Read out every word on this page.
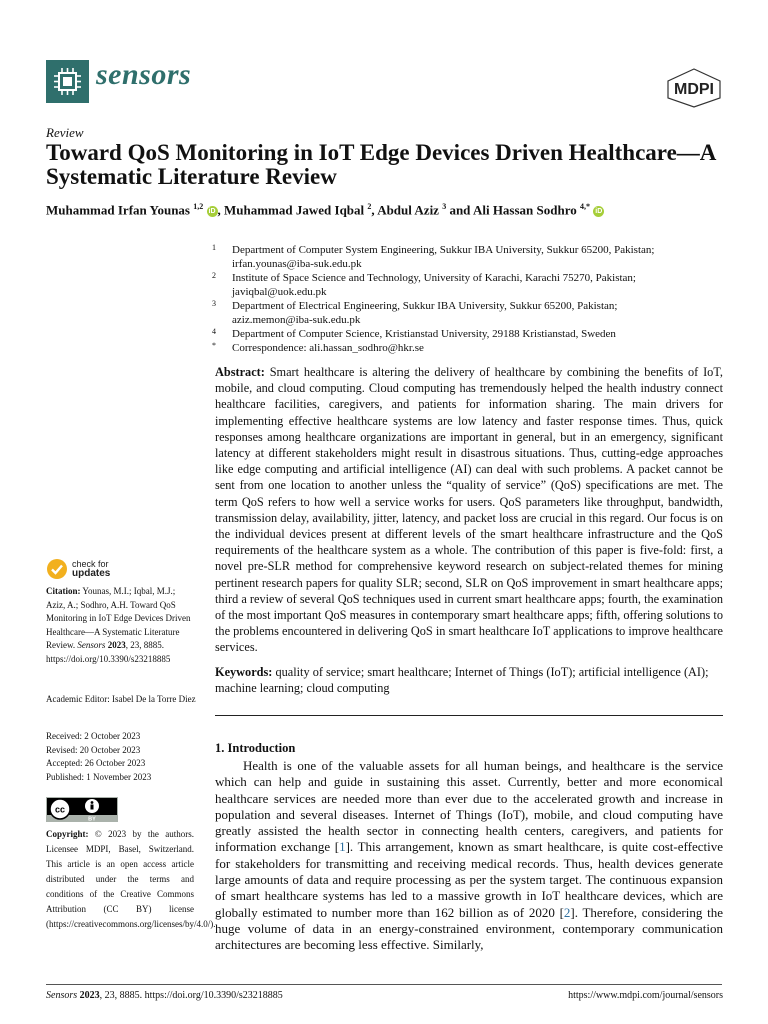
sensors	MDPI
Review
Toward QoS Monitoring in IoT Edge Devices Driven Healthcare—A Systematic Literature Review
Muhammad Irfan Younas $^{1,2}$ iD , Muhammad Jawed Iqbal $^2$, Abdul Aziz $^3$ and Ali Hassan Sodhro $^{4,*}$ iD
1 Department of Computer System Engineering, Sukkur IBA University, Sukkur 65200, Pakistan;
irfan.younas@iba-suk.edu.pk
2 Institute of Space Science and Technology, University of Karachi, Karachi 75270, Pakistan;
javiqbal@uok.edu.pk
3 Department of Electrical Engineering, Sukkur IBA University, Sukkur 65200, Pakistan;
aziz.memon@iba-suk.edu.pk
4 Department of Computer Science, Kristianstad University, 29188 Kristianstad, Sweden
* Correspondence: ali.hassan_sodhro@hkr.se
Abstract: Smart healthcare is altering the delivery of healthcare by combining the benefits of IoT, mobile, and cloud computing. Cloud computing has tremendously helped the health industry connect healthcare facilities, caregivers, and patients for information sharing. The main drivers for implementing effective healthcare systems are low latency and faster response times. Thus, quick responses among healthcare organizations are important in general, but in an emergency, significant latency at different stakeholders might result in disastrous situations. Thus, cutting-edge approaches like edge computing and artificial intelligence (AI) can deal with such problems. A packet cannot be sent from one location to another unless the “quality of service” (QoS) specifications are met. The term QoS refers to how well a service works for users. QoS parameters like throughput, bandwidth, transmission delay, availability, jitter, latency, and packet loss are crucial in this regard. Our focus is on the individual devices present at different levels of the smart healthcare infrastructure and the QoS requirements of the healthcare system as a whole. The contribution of this paper is five-fold: first, a novel pre-SLR method for comprehensive keyword research on subject-related themes for mining pertinent research papers for quality SLR; second, SLR on QoS improvement in smart healthcare apps; third a review of several QoS techniques used in current smart healthcare apps; fourth, the examination of the most important QoS measures in contemporary smart healthcare apps; fifth, offering solutions to the problems encountered in delivering QoS in smart healthcare IoT applications to improve healthcare services.
Keywords: quality of service; smart healthcare; Internet of Things (IoT); artificial intelligence (AI); machine learning; cloud computing
1. Introduction
Health is one of the valuable assets for all human beings, and healthcare is the service which can help and guide in sustaining this asset. Currently, better and more economical healthcare services are needed more than ever due to the accelerated growth and increase in population and several diseases. Internet of Things (IoT), mobile, and cloud computing have greatly assisted the health sector in connecting health centers, caregivers, and patients for information exchange [1]. This arrangement, known as smart healthcare, is quite cost-effective for stakeholders for transmitting and receiving medical records. Thus, health devices generate large amounts of data and require processing as per the system target. The continuous expansion of smart healthcare systems has led to a massive growth in IoT healthcare devices, which are globally estimated to number more than 162 billion as of 2020 [2]. Therefore, considering the huge volume of data in an energy-constrained environment, contemporary communication architectures are becoming less effective. Similarly,
check for
updates
Citation: Younas, M.I.; Iqbal, M.J.; Aziz, A.; Sodhro, A.H. Toward QoS Monitoring in IoT Edge Devices Driven Healthcare—A Systematic Literature Review. Sensors 2023, 23, 8885. https://doi.org/10.3390/s23218885
Academic Editor: Isabel De la Torre Diez
Received: 2 October 2023
Revised: 20 October 2023
Accepted: 26 October 2023
Published: 1 November 2023
cc
BY
Copyright: © 2023 by the authors. Licensee MDPI, Basel, Switzerland. This article is an open access article distributed under the terms and conditions of the Creative Commons Attribution (CC BY) license (https://creativecommons.org/licenses/by/4.0/).
Sensors 2023, 23, 8885. https://doi.org/10.3390/s23218885	https://www.mdpi.com/journal/sensors
